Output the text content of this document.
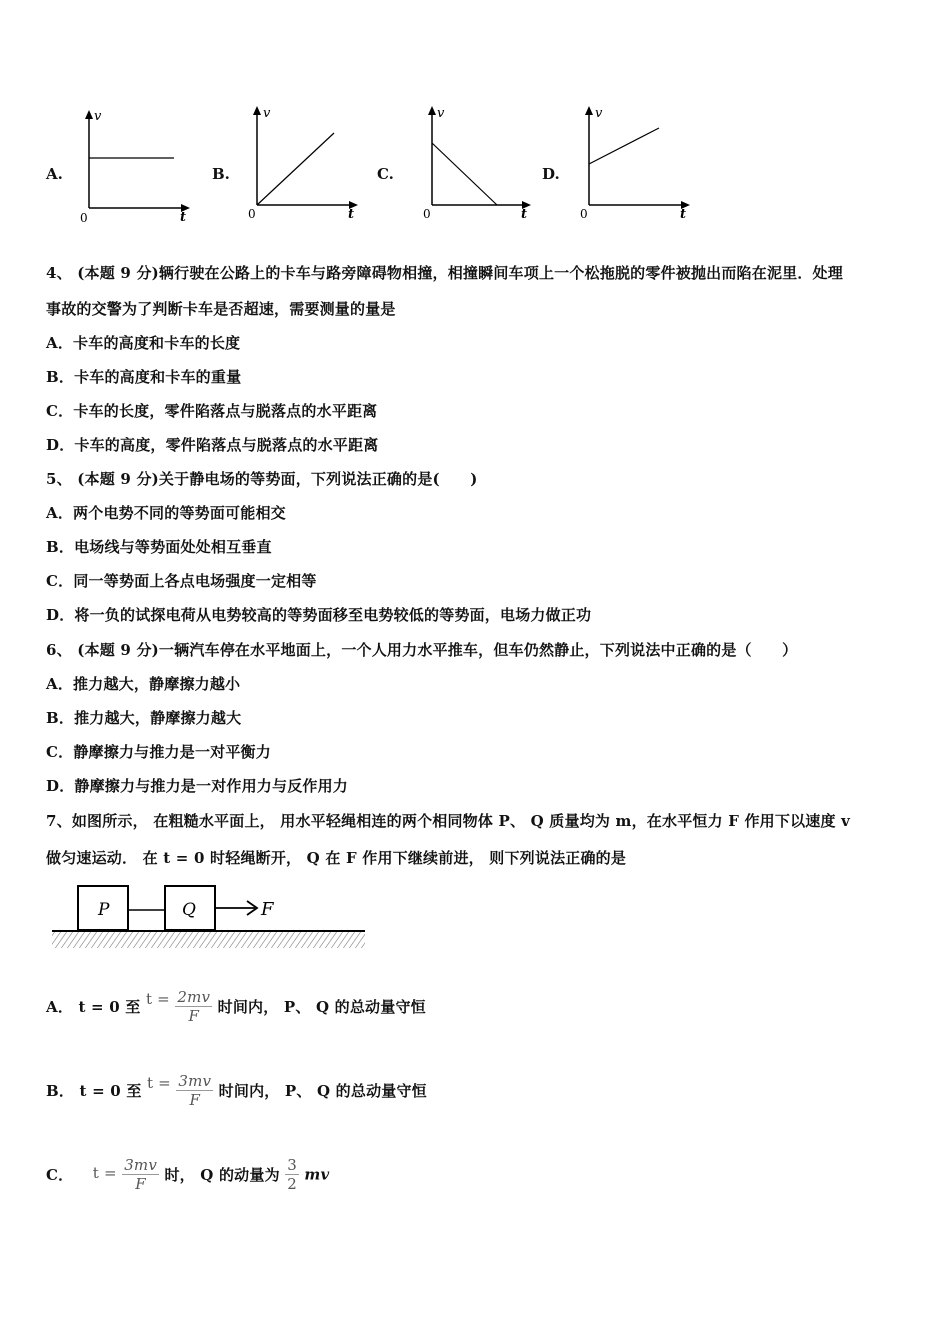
A.
v
t
0
B.
v
t
0
C.
v
t
0
D.
v
t
0
4、 (本题 9 分)辆行驶在公路上的卡车与路旁障碍物相撞，相撞瞬间车项上一个松拖脱的零件被抛出而陷在泥里．处理
事故的交警为了判断卡车是否超速，需要测量的量是
A．卡车的高度和卡车的长度
B．卡车的高度和卡车的重量
C．卡车的长度，零件陷落点与脱落点的水平距离
D．卡车的高度，零件陷落点与脱落点的水平距离
5、 (本题 9 分)关于静电场的等势面，下列说法正确的是(　　)
A．两个电势不同的等势面可能相交
B．电场线与等势面处处相互垂直
C．同一等势面上各点电场强度一定相等
D．将一负的试探电荷从电势较高的等势面移至电势较低的等势面，电场力做正功
6、 (本题 9 分)一辆汽车停在水平地面上，一个人用力水平推车，但车仍然静止，下列说法中正确的是（　　）
A．推力越大，静摩擦力越小
B．推力越大，静摩擦力越大
C．静摩擦力与推力是一对平衡力
D．静摩擦力与推力是一对作用力与反作用力
7、如图所示， 在粗糙水平面上， 用水平轻绳相连的两个相同物体 P、 Q 质量均为 m，在水平恒力 F 作用下以速度 v
做匀速运动． 在 t = 0 时轻绳断开， Q 在 F 作用下继续前进， 则下列说法正确的是
P	Q	F
A． t = 0 至 $t = \frac{2mv}{F}$ 时间内， P、 Q 的总动量守恒
B． t = 0 至 $t = \frac{3mv}{F}$ 时间内， P、 Q 的总动量守恒
C． $t = \frac{3mv}{F}$ 时， Q 的动量为 $\frac{3}{2}$ mv
